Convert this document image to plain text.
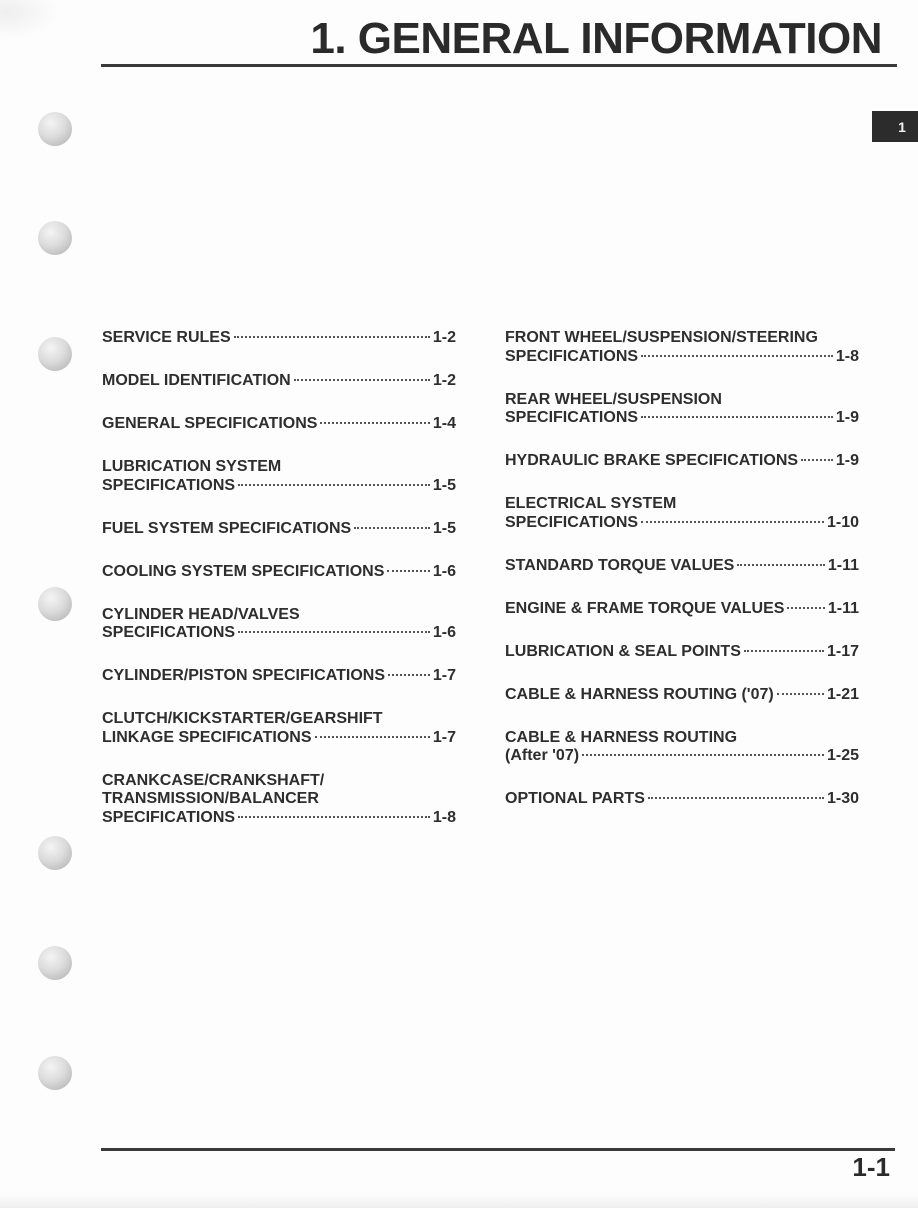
1. GENERAL INFORMATION
1
SERVICE RULES	1-2
MODEL IDENTIFICATION	1-2
GENERAL SPECIFICATIONS	1-4
LUBRICATION SYSTEM
SPECIFICATIONS	1-5
FUEL SYSTEM SPECIFICATIONS	1-5
COOLING SYSTEM SPECIFICATIONS	1-6
CYLINDER HEAD/VALVES
SPECIFICATIONS	1-6
CYLINDER/PISTON SPECIFICATIONS	1-7
CLUTCH/KICKSTARTER/GEARSHIFT
LINKAGE SPECIFICATIONS	1-7
CRANKCASE/CRANKSHAFT/
TRANSMISSION/BALANCER
SPECIFICATIONS	1-8
FRONT WHEEL/SUSPENSION/STEERING
SPECIFICATIONS	1-8
REAR WHEEL/SUSPENSION
SPECIFICATIONS	1-9
HYDRAULIC BRAKE SPECIFICATIONS 1-9
ELECTRICAL SYSTEM
SPECIFICATIONS	1-10
STANDARD TORQUE VALUES	1-11
ENGINE & FRAME TORQUE VALUES	1-11
LUBRICATION & SEAL POINTS	1-17
CABLE & HARNESS ROUTING ('07)	1-21
CABLE & HARNESS ROUTING
(After '07)	1-25
OPTIONAL PARTS	1-30
1-1
